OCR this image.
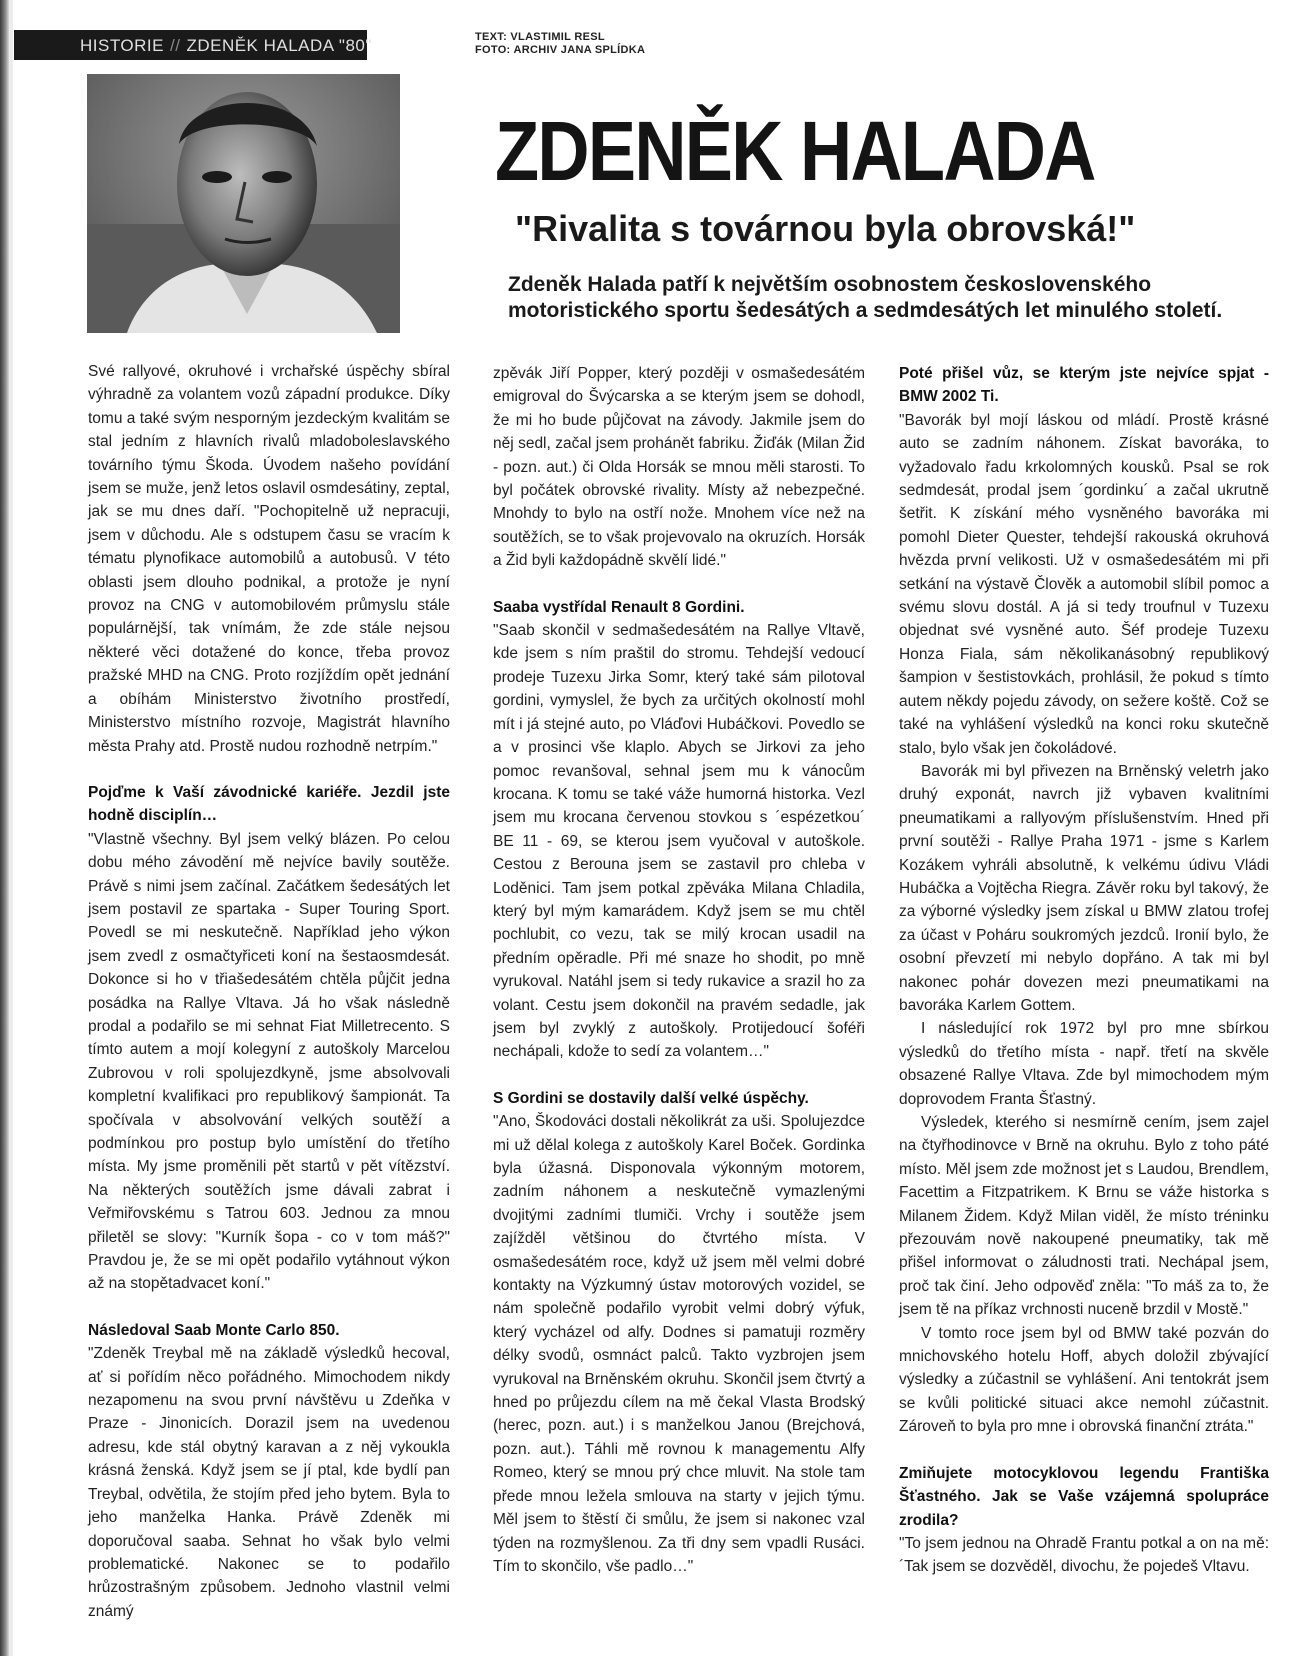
HISTORIE // ZDENĚK HALADA "80"	TEXT: VLASTIMIL RESL
FOTO: ARCHIV JANA SPLÍDKA
ZDENĚK HALADA
"Rivalita s továrnou byla obrovská!"
Zdeněk Halada patří k největším osobnostem československého
motoristického sportu šedesátých a sedmdesátých let minulého století.

Své rallyové, okruhové i vrchařské úspěchy sbíral výhradně za volantem vozů západní produkce. Díky tomu a také svým nesporným jezdeckým kvalitám se stal jedním z hlavních rivalů mladoboleslavského továrního týmu Škoda. Úvodem našeho povídání jsem se muže, jenž letos oslavil osmdesátiny, zeptal, jak se mu dnes daří. "Pochopitelně už nepracuji, jsem v důchodu. Ale s odstupem času se vracím k tématu plynofikace automobilů a autobusů. V této oblasti jsem dlouho podnikal, a protože je nyní provoz na CNG v automobilovém průmyslu stále populárnější, tak vnímám, že zde stále nejsou některé věci dotažené do konce, třeba provoz pražské MHD na CNG. Proto rozjíždím opět jednání a obíhám Ministerstvo životního prostředí, Ministerstvo místního rozvoje, Magistrát hlavního města Prahy atd. Prostě nudou rozhodně netrpím."

Pojďme k Vaší závodnické kariéře. Jezdil jste hodně disciplín…

"Vlastně všechny. Byl jsem velký blázen. Po celou dobu mého závodění mě nejvíce bavily soutěže. Právě s nimi jsem začínal. Začátkem šedesátých let jsem postavil ze spartaka - Super Touring Sport. Povedl se mi neskutečně. Například jeho výkon jsem zvedl z osmačtyřiceti koní na šestaosmdesát. Dokonce si ho v třiašedesátém chtěla půjčit jedna posádka na Rallye Vltava. Já ho však následně prodal a podařilo se mi sehnat Fiat Milletrecento. S tímto autem a mojí kolegyní z autoškoly Marcelou Zubrovou v roli spolujezdkyně, jsme absolvovali kompletní kvalifikaci pro republikový šampionát. Ta spočívala v absolvování velkých soutěží a podmínkou pro postup bylo umístění do třetího místa. My jsme proměnili pět startů v pět vítězství. Na některých soutěžích jsme dávali zabrat i Veřmiřovskému s Tatrou 603. Jednou za mnou přiletěl se slovy: "Kurník šopa - co v tom máš?" Pravdou je, že se mi opět podařilo vytáhnout výkon až na stopětadvacet koní."

Následoval Saab Monte Carlo 850.

"Zdeněk Treybal mě na základě výsledků hecoval, ať si pořídím něco pořádného. Mimochodem nikdy nezapomenu na svou první návštěvu u Zdeňka v Praze - Jinonicích. Dorazil jsem na uvedenou adresu, kde stál obytný karavan a z něj vykoukla krásná ženská. Když jsem se jí ptal, kde bydlí pan Treybal, odvětila, že stojím před jeho bytem. Byla to jeho manželka Hanka. Právě Zdeněk mi doporučoval saaba. Sehnat ho však bylo velmi problematické. Nakonec se to podařilo hrůzostrašným způsobem. Jednoho vlastnil velmi známý

zpěvák Jiří Popper, který později v osmašedesátém emigroval do Švýcarska a se kterým jsem se dohodl, že mi ho bude půjčovat na závody. Jakmile jsem do něj sedl, začal jsem prohánět fabriku. Žiďák (Milan Žid - pozn. aut.) či Olda Horsák se mnou měli starosti. To byl počátek obrovské rivality. Místy až nebezpečné. Mnohdy to bylo na ostří nože. Mnohem více než na soutěžích, se to však projevovalo na okruzích. Horsák a Žid byli každopádně skvělí lidé."

Saaba vystřídal Renault 8 Gordini.

"Saab skončil v sedmašedesátém na Rallye Vltavě, kde jsem s ním praštil do stromu. Tehdejší vedoucí prodeje Tuzexu Jirka Somr, který také sám pilotoval gordini, vymyslel, že bych za určitých okolností mohl mít i já stejné auto, po Vláďovi Hubáčkovi. Povedlo se a v prosinci vše klaplo. Abych se Jirkovi za jeho pomoc revanšoval, sehnal jsem mu k vánocům krocana. K tomu se také váže humorná historka. Vezl jsem mu krocana červenou stovkou s ´espézetkou´ BE 11 - 69, se kterou jsem vyučoval v autoškole. Cestou z Berouna jsem se zastavil pro chleba v Loděnici. Tam jsem potkal zpěváka Milana Chladila, který byl mým kamarádem. Když jsem se mu chtěl pochlubit, co vezu, tak se milý krocan usadil na předním opěradle. Při mé snaze ho shodit, po mně vyrukoval. Natáhl jsem si tedy rukavice a srazil ho za volant. Cestu jsem dokončil na pravém sedadle, jak jsem byl zvyklý z autoškoly. Protijedoucí šoféři nechápali, kdože to sedí za volantem…"

S Gordini se dostavily další velké úspěchy.

"Ano, Škodováci dostali několikrát za uši. Spolujezdce mi už dělal kolega z autoškoly Karel Boček. Gordinka byla úžasná. Disponovala výkonným motorem, zadním náhonem a neskutečně vymazlenými dvojitými zadními tlumiči. Vrchy i soutěže jsem zajížděl většinou do čtvrtého místa. V osmašedesátém roce, když už jsem měl velmi dobré kontakty na Výzkumný ústav motorových vozidel, se nám společně podařilo vyrobit velmi dobrý výfuk, který vycházel od alfy. Dodnes si pamatuji rozměry délky svodů, osmnáct palců. Takto vyzbrojen jsem vyrukoval na Brněnském okruhu. Skončil jsem čtvrtý a hned po průjezdu cílem na mě čekal Vlasta Brodský (herec, pozn. aut.) i s manželkou Janou (Brejchová, pozn. aut.). Táhli mě rovnou k managementu Alfy Romeo, který se mnou prý chce mluvit. Na stole tam přede mnou ležela smlouva na starty v jejich týmu. Měl jsem to štěstí či smůlu, že jsem si nakonec vzal týden na rozmyšlenou. Za tři dny sem vpadli Rusáci. Tím to skončilo, vše padlo…"

Poté přišel vůz, se kterým jste nejvíce spjat - BMW 2002 Ti.

"Bavorák byl mojí láskou od mládí. Prostě krásné auto se zadním náhonem. Získat bavoráka, to vyžadovalo řadu krkolomných kousků. Psal se rok sedmdesát, prodal jsem ´gordinku´ a začal ukrutně šetřit. K získání mého vysněného bavoráka mi pomohl Dieter Quester, tehdejší rakouská okruhová hvězda první velikosti. Už v osmašedesátém mi při setkání na výstavě Člověk a automobil slíbil pomoc a svému slovu dostál. A já si tedy troufnul v Tuzexu objednat své vysněné auto. Šéf prodeje Tuzexu Honza Fiala, sám několikanásobný republikový šampion v šestistovkách, prohlásil, že pokud s tímto autem někdy pojedu závody, on sežere koště. Což se také na vyhlášení výsledků na konci roku skutečně stalo, bylo však jen čokoládové.

Bavorák mi byl přivezen na Brněnský veletrh jako druhý exponát, navrch již vybaven kvalitními pneumatikami a rallyovým příslušenstvím. Hned při první soutěži - Rallye Praha 1971 - jsme s Karlem Kozákem vyhráli absolutně, k velkému údivu Vládi Hubáčka a Vojtěcha Riegra. Závěr roku byl takový, že za výborné výsledky jsem získal u BMW zlatou trofej za účast v Poháru soukromých jezdců. Ironií bylo, že osobní převzetí mi nebylo dopřáno. A tak mi byl nakonec pohár dovezen mezi pneumatikami na bavoráka Karlem Gottem.

I následující rok 1972 byl pro mne sbírkou výsledků do třetího místa - např. třetí na skvěle obsazené Rallye Vltava. Zde byl mimochodem mým doprovodem Franta Šťastný.

Výsledek, kterého si nesmírně cením, jsem zajel na čtyřhodinovce v Brně na okruhu. Bylo z toho páté místo. Měl jsem zde možnost jet s Laudou, Brendlem, Facettim a Fitzpatrikem. K Brnu se váže historka s Milanem Židem. Když Milan viděl, že místo tréninku přezouvám nově nakoupené pneumatiky, tak mě přišel informovat o záludnosti trati. Nechápal jsem, proč tak činí. Jeho odpověď zněla: "To máš za to, že jsem tě na příkaz vrchnosti nuceně brzdil v Mostě."

V tomto roce jsem byl od BMW také pozván do mnichovského hotelu Hoff, abych doložil zbývající výsledky a zúčastnil se vyhlášení. Ani tentokrát jsem se kvůli politické situaci akce nemohl zúčastnit. Zároveň to byla pro mne i obrovská finanční ztráta."

Zmiňujete motocyklovou legendu Františka Šťastného. Jak se Vaše vzájemná spolupráce zrodila?

"To jsem jednou na Ohradě Frantu potkal a on na mě: ´Tak jsem se dozvěděl, divochu, že pojedeš Vltavu.
